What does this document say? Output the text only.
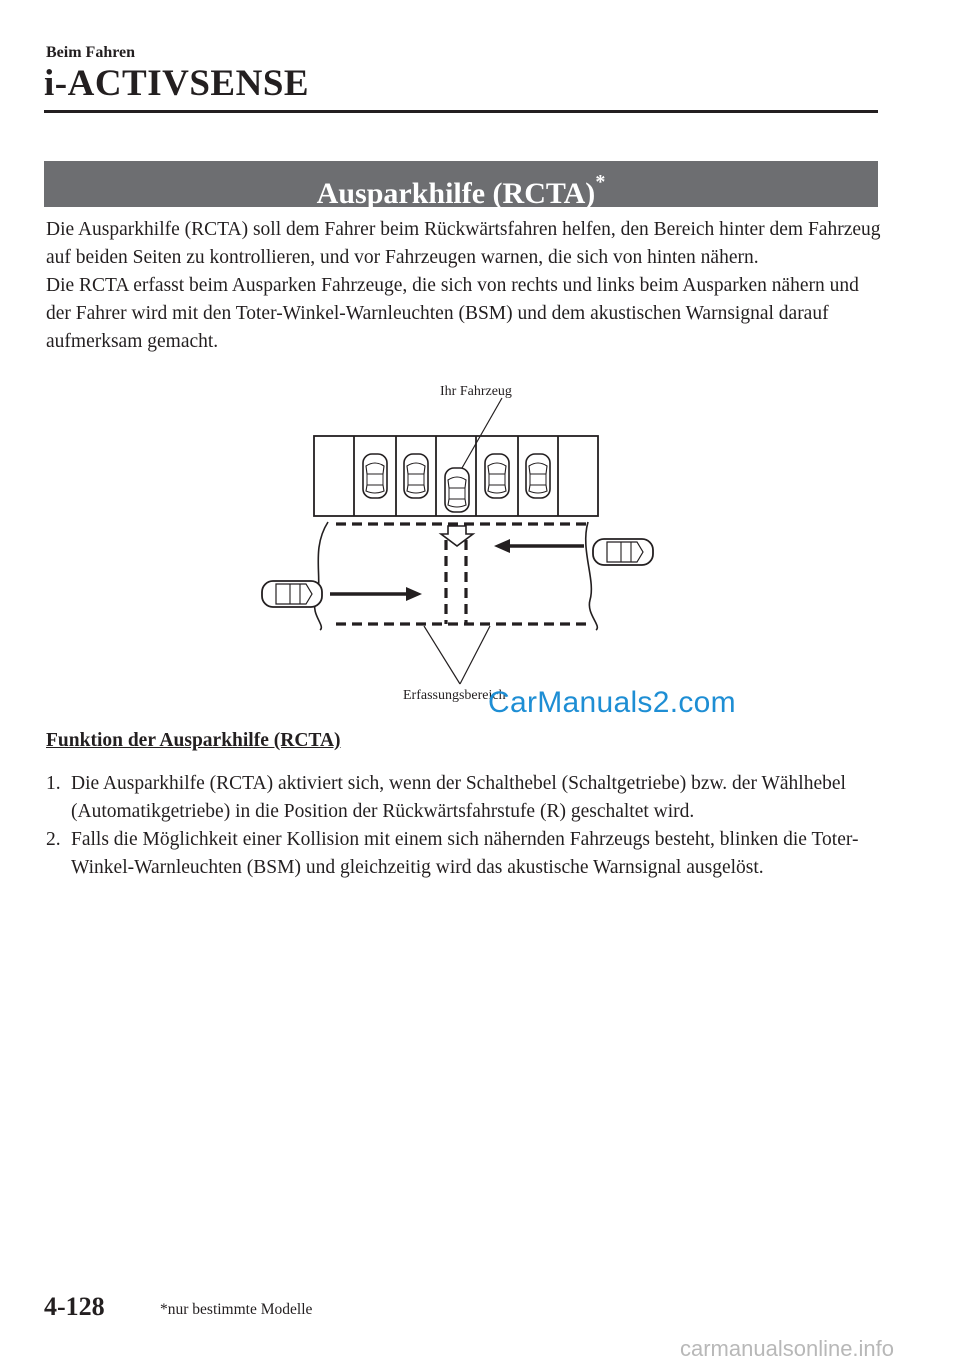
Beim Fahren
i-ACTIVSENSE
Ausparkhilfe (RCTA)*

Die Ausparkhilfe (RCTA) soll dem Fahrer beim Rückwärtsfahren helfen, den Bereich hinter dem Fahrzeug auf beiden Seiten zu kontrollieren, und vor Fahrzeugen warnen, die sich von hinten nähern.

Die RCTA erfasst beim Ausparken Fahrzeuge, die sich von rechts und links beim Ausparken nähern und der Fahrer wird mit den Toter-Winkel-Warnleuchten (BSM) und dem akustischen Warnsignal darauf aufmerksam gemacht.

Ihr Fahrzeug
Erfassungsbereich
CarManuals2.com
Funktion der Ausparkhilfe (RCTA)
1. Die Ausparkhilfe (RCTA) aktiviert sich, wenn der Schalthebel (Schaltgetriebe) bzw. der Wählhebel (Automatikgetriebe) in die Position der Rückwärtsfahrstufe (R) geschaltet wird.
2. Falls die Möglichkeit einer Kollision mit einem sich nähernden Fahrzeugs besteht, blinken die Toter-Winkel-Warnleuchten (BSM) und gleichzeitig wird das akustische Warnsignal ausgelöst.
4-128	*nur bestimmte Modelle
carmanualsonline.info
